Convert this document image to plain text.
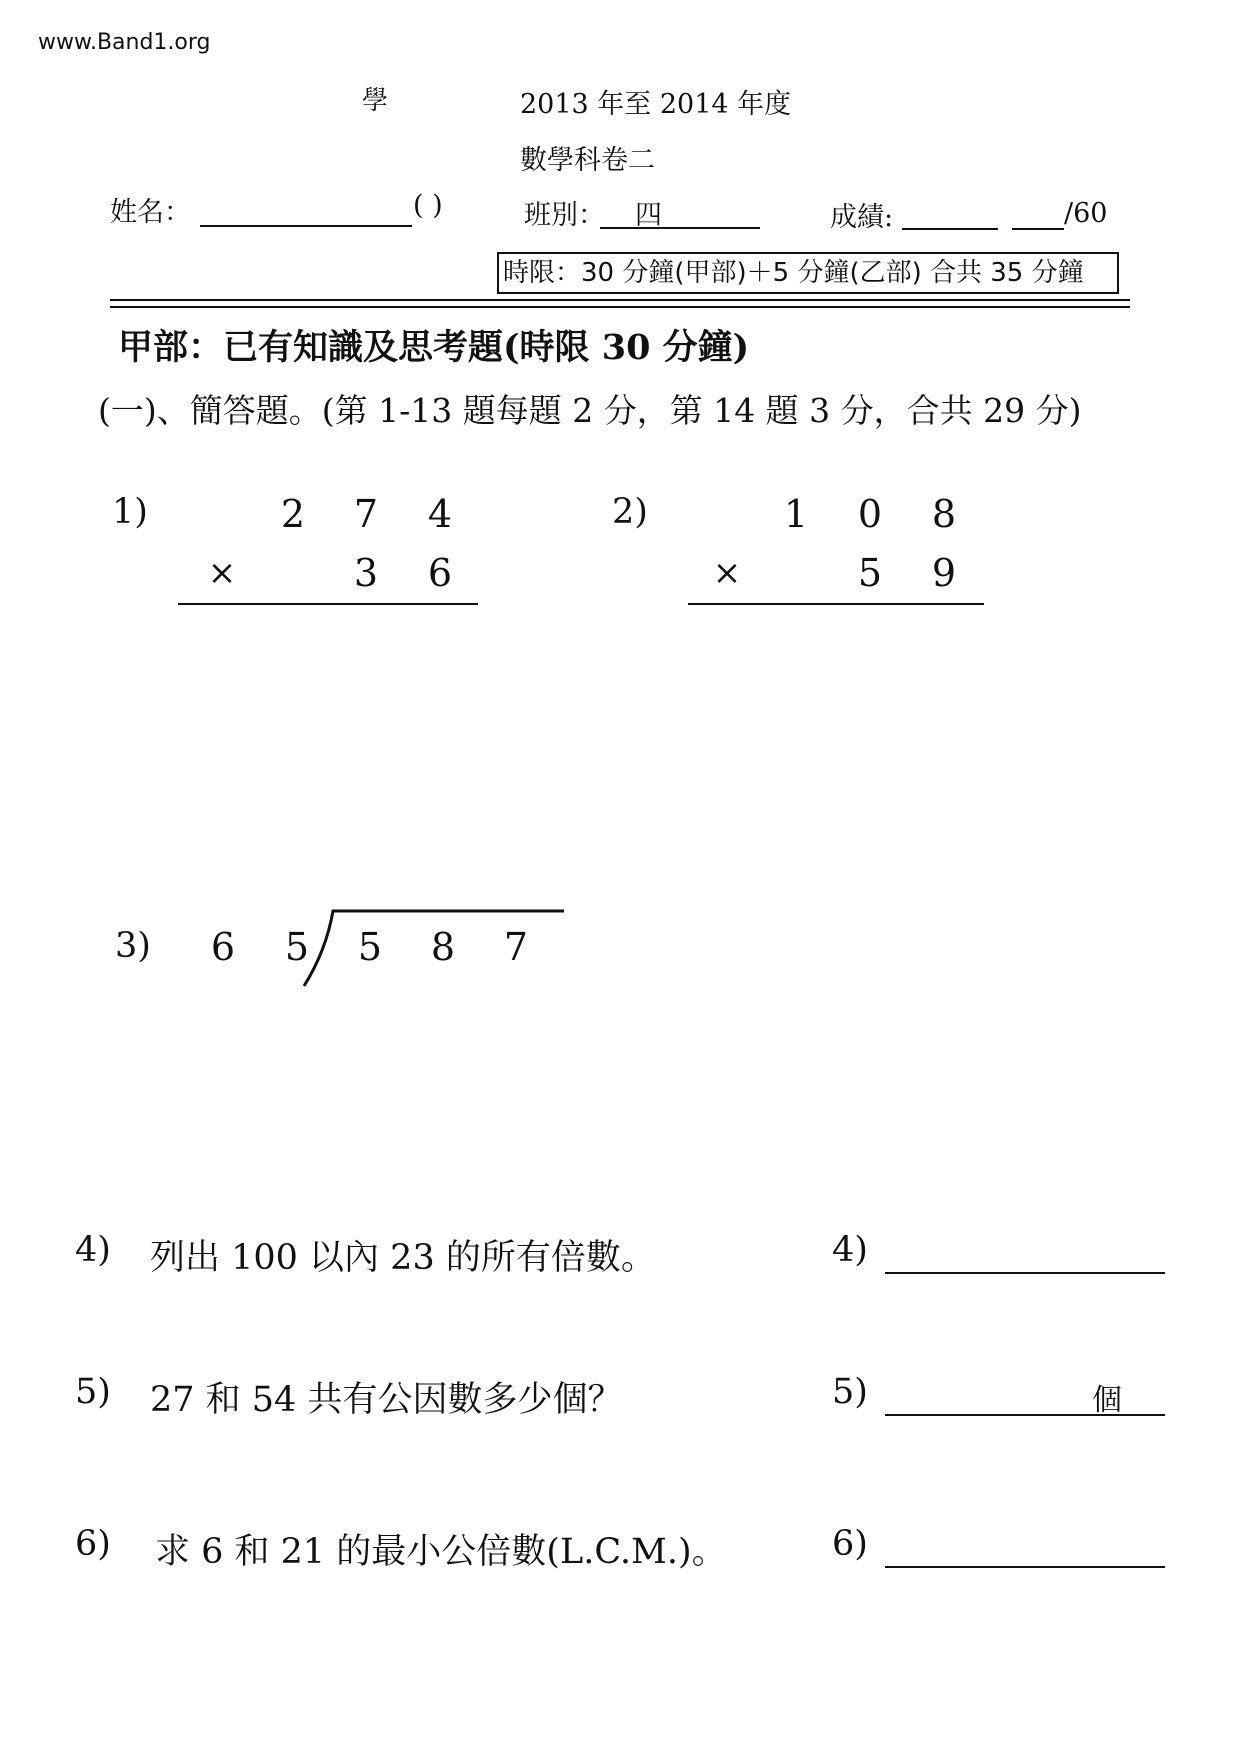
www.Band1.org
學	2013 年至 2014 年度
數學科卷二
姓名：	( )	班別： 四	成績:	/60
時限：30 分鐘(甲部)＋5 分鐘(乙部) 合共 35 分鐘
甲部：已有知識及思考題(時限 30 分鐘)
(一)、簡答題。(第 1-13 題每題 2 分，第 14 題 3 分，合共 29 分)
1)	2 7 4
×	3 6
2)	1 0 8
×	5 9
3) 6 5 5 8 7
4) 列出 100 以內 23 的所有倍數。	4)
5) 27 和 54 共有公因數多少個？	5)	個
6) 求 6 和 21 的最小公倍數(L.C.M.)。	6)
